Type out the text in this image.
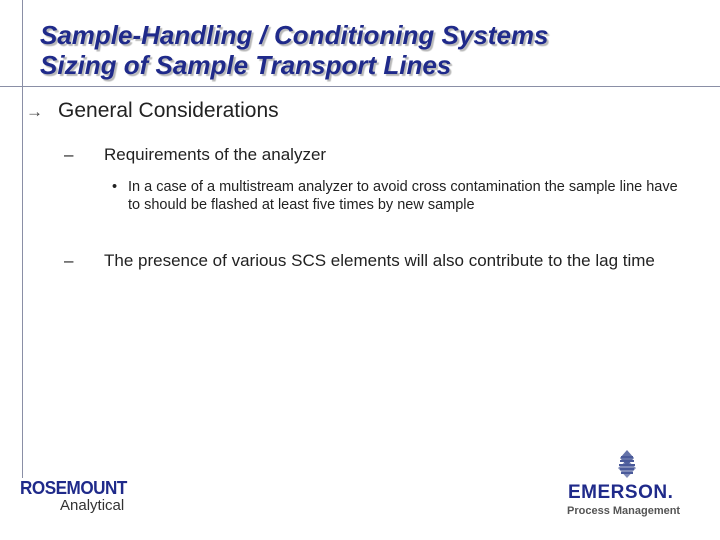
Sample-Handling / Conditioning Systems
Sizing of Sample Transport Lines
→ General Considerations
– Requirements of the analyzer
• In a case of a multistream analyzer to avoid cross contamination the sample line have to should be flashed at least five times by new sample
– The presence of various SCS elements will also contribute to the lag time
ROSEMOUNT
Analytical
EMERSON.
Process Management
